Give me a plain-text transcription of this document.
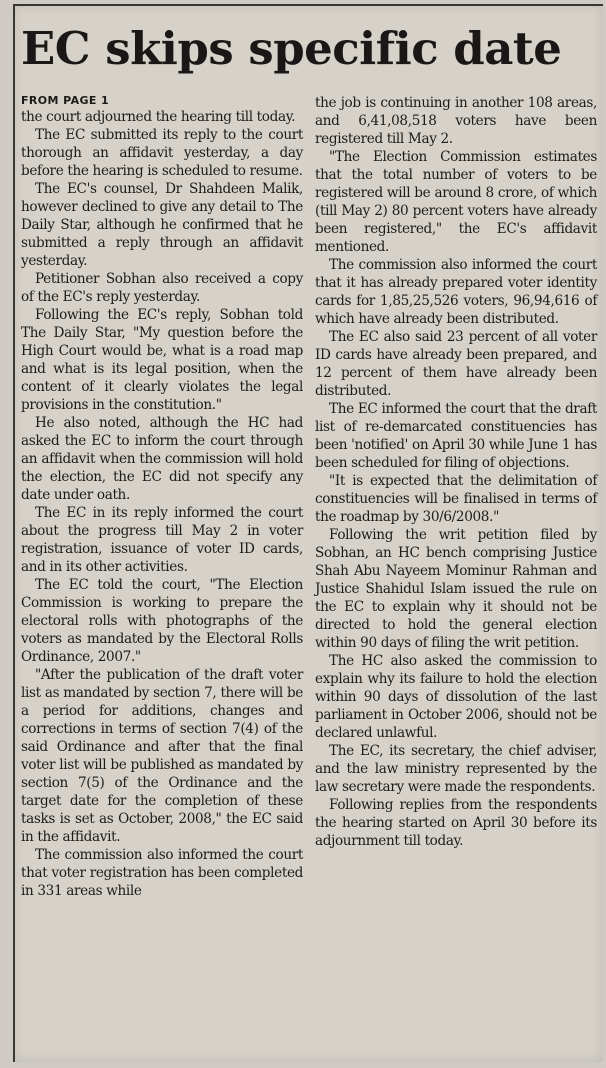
EC skips specific date
FROM PAGE 1

the court adjourned the hearing till today.

The EC submitted its reply to the court thorough an affidavit yesterday, a day before the hearing is scheduled to resume.

The EC's counsel, Dr Shahdeen Malik, however declined to give any detail to The Daily Star, although he confirmed that he submitted a reply through an affidavit yesterday.

Petitioner Sobhan also received a copy of the EC's reply yesterday.

Following the EC's reply, Sobhan told The Daily Star, "My question before the High Court would be, what is a road map and what is its legal position, when the content of it clearly violates the legal provisions in the constitution."

He also noted, although the HC had asked the EC to inform the court through an affidavit when the commission will hold the election, the EC did not specify any date under oath.

The EC in its reply informed the court about the progress till May 2 in voter registration, issuance of voter ID cards, and in its other activities.

The EC told the court, "The Election Commission is working to prepare the electoral rolls with photographs of the voters as mandated by the Electoral Rolls Ordinance, 2007."

"After the publication of the draft voter list as mandated by section 7, there will be a period for additions, changes and corrections in terms of section 7(4) of the said Ordinance and after that the final voter list will be published as mandated by section 7(5) of the Ordinance and the target date for the completion of these tasks is set as October, 2008," the EC said in the affidavit.

The commission also informed the court that voter registration has been completed in 331 areas while

the job is continuing in another 108 areas, and 6,41,08,518 voters have been registered till May 2.

"The Election Commission estimates that the total number of voters to be registered will be around 8 crore, of which (till May 2) 80 percent voters have already been registered," the EC's affidavit mentioned.

The commission also informed the court that it has already prepared voter identity cards for 1,85,25,526 voters, 96,94,616 of which have already been distributed.

The EC also said 23 percent of all voter ID cards have already been prepared, and 12 percent of them have already been distributed.

The EC informed the court that the draft list of re-demarcated constituencies has been 'notified' on April 30 while June 1 has been scheduled for filing of objections.

"It is expected that the delimitation of constituencies will be finalised in terms of the roadmap by 30/6/2008."

Following the writ petition filed by Sobhan, an HC bench comprising Justice Shah Abu Nayeem Mominur Rahman and Justice Shahidul Islam issued the rule on the EC to explain why it should not be directed to hold the general election within 90 days of filing the writ petition.

The HC also asked the commission to explain why its failure to hold the election within 90 days of dissolution of the last parliament in October 2006, should not be declared unlawful.

The EC, its secretary, the chief adviser, and the law ministry represented by the law secretary were made the respondents.

Following replies from the respondents the hearing started on April 30 before its adjournment till today.
